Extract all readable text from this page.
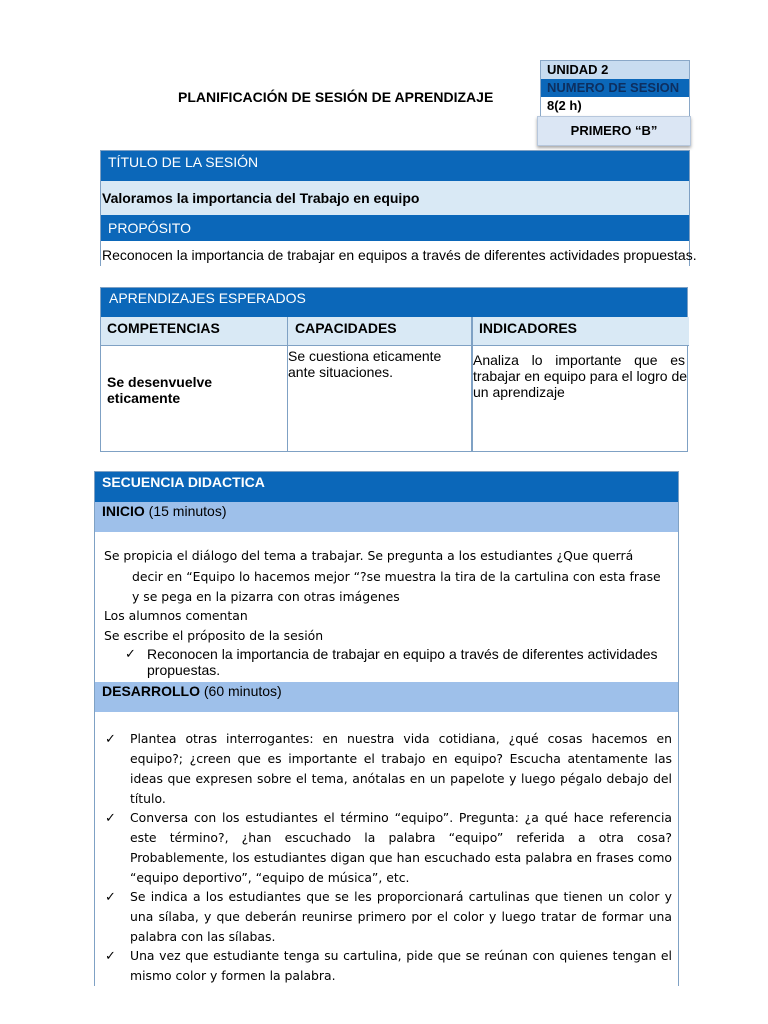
PLANIFICACIÓN DE SESIÓN DE APRENDIZAJE
UNIDAD 2
NUMERO DE SESION
8(2 h)
PRIMERO “B”
TÍTULO DE LA SESIÓN
Valoramos la importancia del Trabajo en equipo
PROPÓSITO
Reconocen la importancia de trabajar en equipos a través de diferentes actividades propuestas.
APRENDIZAJES ESPERADOS
COMPETENCIAS
Se desenvuelve
eticamente
CAPACIDADES
Se cuestiona eticamente
ante situaciones.
INDICADORES
Analiza lo importante que es
trabajar en equipo para el logro de
un aprendizaje
SECUENCIA DIDACTICA
INICIO (15 minutos)
Se propicia el diálogo del tema a trabajar. Se pregunta a los estudiantes ¿Que querrá
decir en “Equipo lo hacemos mejor “?se muestra la tira de la cartulina con esta frase
y se pega en la pizarra con otras imágenes
Los alumnos comentan
Se escribe el próposito de la sesión
✓ Reconocen la importancia de trabajar en equipo a través de diferentes actividades
propuestas.
DESARROLLO (60 minutos)
✓ Plantea otras interrogantes: en nuestra vida cotidiana, ¿qué cosas hacemos en
equipo?; ¿creen que es importante el trabajo en equipo? Escucha atentamente las
ideas que expresen sobre el tema, anótalas en un papelote y luego pégalo debajo del
título.
✓ Conversa con los estudiantes el término “equipo”. Pregunta: ¿a qué hace referencia
este término?, ¿han escuchado la palabra “equipo” referida a otra cosa?
Probablemente, los estudiantes digan que han escuchado esta palabra en frases como
“equipo deportivo”, “equipo de música”, etc.
✓ Se indica a los estudiantes que se les proporcionará cartulinas que tienen un color y
una sílaba, y que deberán reunirse primero por el color y luego tratar de formar una
palabra con las sílabas.
✓ Una vez que estudiante tenga su cartulina, pide que se reúnan con quienes tengan el
mismo color y formen la palabra.
